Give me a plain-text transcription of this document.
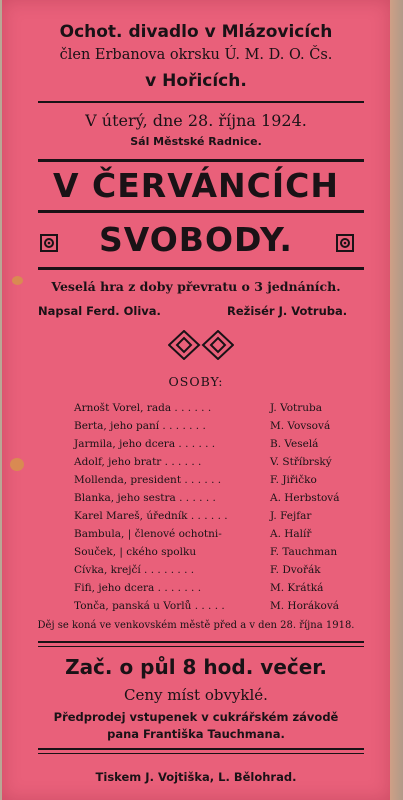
Ochot. divadlo v Mlázovicích
člen Erbanova okrsku Ú. M. D. O. Čs.
v Hořicích.
V úterý, dne 28. října 1924.
Sál Městské Radnice.
V ČERVÁNCÍCH
SVOBODY.
Veselá hra z doby převratu o 3 jednáních.
Napsal Ferd. Oliva.	Režisér J. Votruba.
OSOBY:
Arnošt Vorel, rada . . . . . .	J. Votruba
Berta, jeho paní . . . . . . .	M. Vovsová
Jarmila, jeho dcera . . . . . .	B. Veselá
Adolf, jeho bratr . . . . . .	V. Stříbrský
Mollenda, president . . . . . .	F. Jiřičko
Blanka, jeho sestra . . . . . .	A. Herbstová
Karel Mareš, úředník . . . . . .	J. Fejfar
Bambula, | členové ochotni-	A. Halíř
Souček, | ckého spolku	F. Tauchman
Cívka, krejčí . . . . . . . .	F. Dvořák
Fifi, jeho dcera . . . . . . .	M. Krátká
Tonča, panská u Vorlů . . . . .	M. Horáková
Děj se koná ve venkovském městě před a v den 28. října 1918.
Zač. o půl 8 hod. večer.
Ceny míst obvyklé.
Předprodej vstupenek v cukrářském závodě
pana Františka Tauchmana.
Tiskem J. Vojtiška, L. Bělohrad.
